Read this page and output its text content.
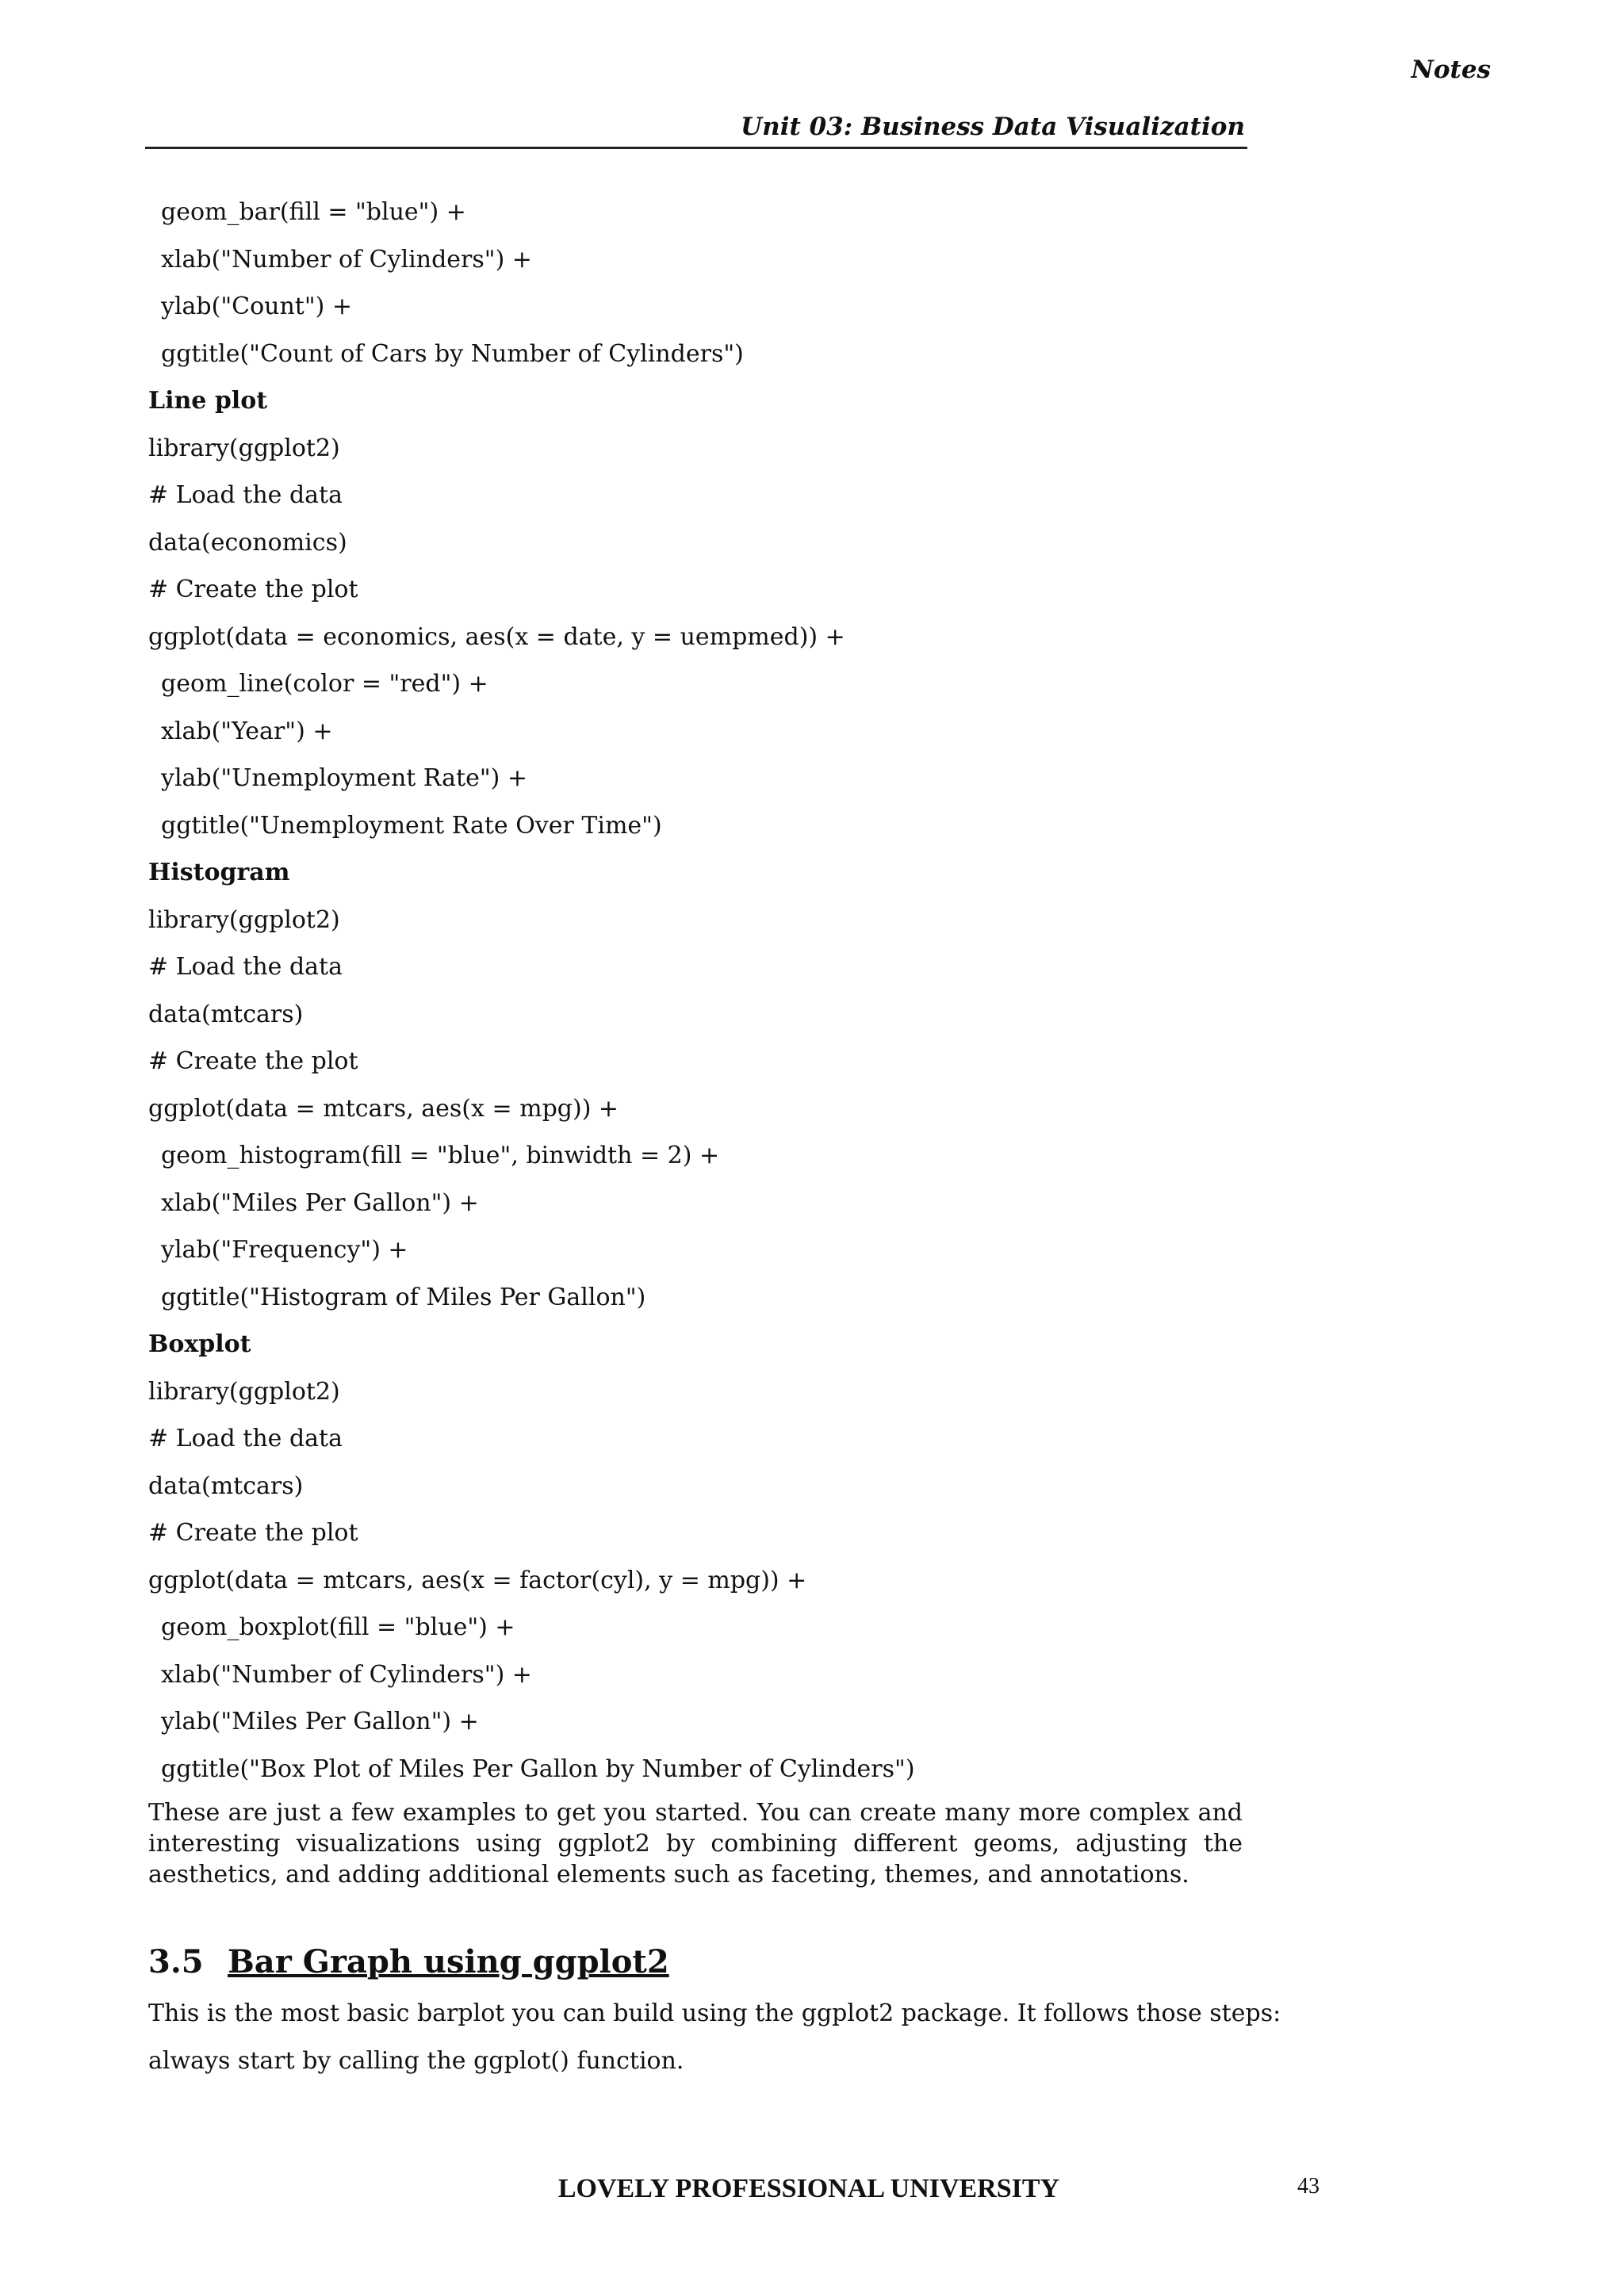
Notes
Unit 03: Business Data Visualization
geom_bar(fill = "blue") +
xlab("Number of Cylinders") +
ylab("Count") +
ggtitle("Count of Cars by Number of Cylinders")
Line plot
library(ggplot2)
# Load the data
data(economics)
# Create the plot
ggplot(data = economics, aes(x = date, y = uempmed)) +
geom_line(color = "red") +
xlab("Year") +
ylab("Unemployment Rate") +
ggtitle("Unemployment Rate Over Time")
Histogram
library(ggplot2)
# Load the data
data(mtcars)
# Create the plot
ggplot(data = mtcars, aes(x = mpg)) +
geom_histogram(fill = "blue", binwidth = 2) +
xlab("Miles Per Gallon") +
ylab("Frequency") +
ggtitle("Histogram of Miles Per Gallon")
Boxplot
library(ggplot2)
# Load the data
data(mtcars)
# Create the plot
ggplot(data = mtcars, aes(x = factor(cyl), y = mpg)) +
geom_boxplot(fill = "blue") +
xlab("Number of Cylinders") +
ylab("Miles Per Gallon") +
ggtitle("Box Plot of Miles Per Gallon by Number of Cylinders")

These are just a few examples to get you started. You can create many more complex and interesting visualizations using ggplot2 by combining different geoms, adjusting the aesthetics, and adding additional elements such as faceting, themes, and annotations.

3.5 Bar Graph using ggplot2
This is the most basic barplot you can build using the ggplot2 package. It follows those steps:
always start by calling the ggplot() function.
LOVELY PROFESSIONAL UNIVERSITY	43
